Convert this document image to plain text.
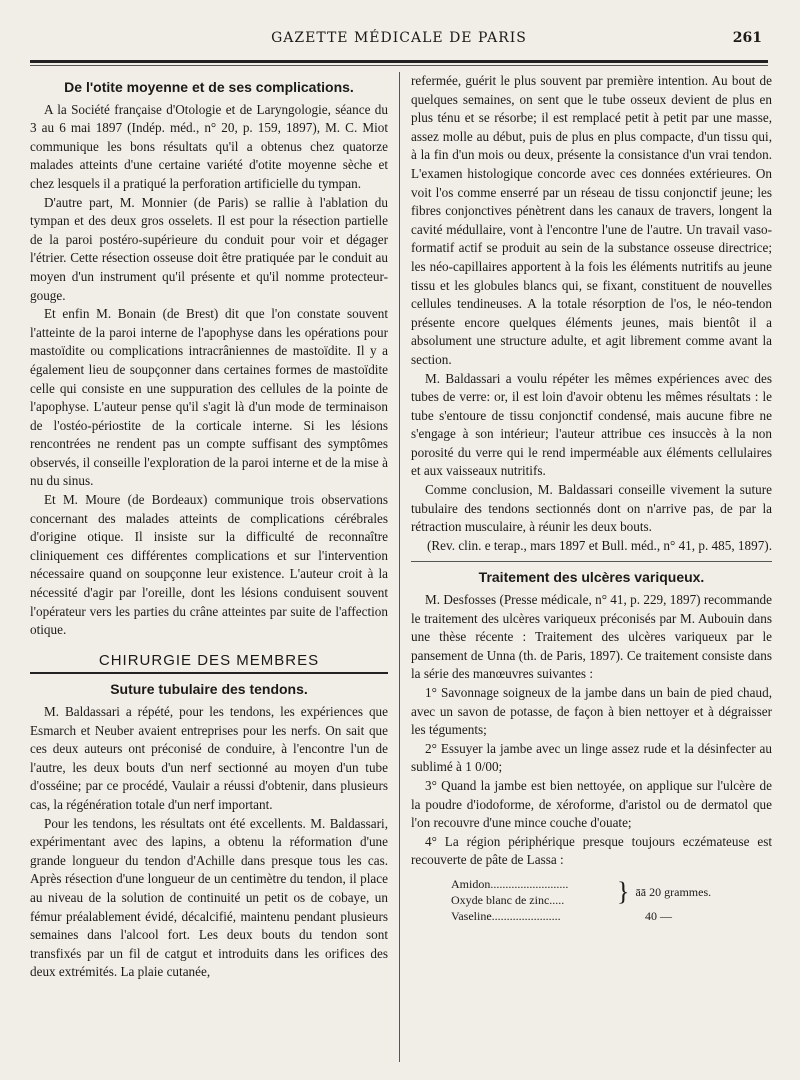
GAZETTE MÉDICALE DE PARIS	261
De l'otite moyenne et de ses complications.

A la Société française d'Otologie et de Laryngologie, séance du 3 au 6 mai 1897 (Indép. méd., n° 20, p. 159, 1897), M. C. Miot communique les bons résultats qu'il a obtenus chez quatorze malades atteints d'une certaine variété d'otite moyenne sèche et chez lesquels il a pratiqué la perforation artificielle du tympan.

D'autre part, M. Monnier (de Paris) se rallie à l'ablation du tympan et des deux gros osselets. Il est pour la résection partielle de la paroi postéro-supérieure du conduit pour voir et dégager l'étrier. Cette résection osseuse doit être pratiquée par le conduit au moyen d'un instrument qu'il présente et qu'il nomme protecteur-gouge.

Et enfin M. Bonain (de Brest) dit que l'on constate souvent l'atteinte de la paroi interne de l'apophyse dans les opérations pour mastoïdite ou complications intracrâniennes de mastoïdite. Il y a également lieu de soupçonner dans certaines formes de mastoïdite celle qui consiste en une suppuration des cellules de la pointe de l'apophyse. L'auteur pense qu'il s'agit là d'un mode de terminaison de l'ostéo-périostite de la corticale interne. Si les lésions rencontrées ne rendent pas un compte suffisant des symptômes observés, il conseille l'exploration de la paroi interne et de la mise à nu du sinus.

Et M. Moure (de Bordeaux) communique trois observations concernant des malades atteints de complications cérébrales d'origine otique. Il insiste sur la difficulté de reconnaître cliniquement ces différentes complications et sur l'intervention nécessaire quand on soupçonne leur existence. L'auteur croit à la nécessité d'agir par l'oreille, dont les lésions conduisent souvent l'opérateur vers les parties du crâne atteintes par suite de l'affection otique.

CHIRURGIE DES MEMBRES
Suture tubulaire des tendons.

M. Baldassari a répété, pour les tendons, les expériences que Esmarch et Neuber avaient entreprises pour les nerfs. On sait que ces deux auteurs ont préconisé de conduire, à l'encontre l'un de l'autre, les deux bouts d'un nerf sectionné au moyen d'un tube d'osséine; par ce procédé, Vaulair a réussi d'obtenir, dans plusieurs cas, la régénération totale d'un nerf important.

Pour les tendons, les résultats ont été excellents. M. Baldassari, expérimentant avec des lapins, a obtenu la réformation d'une grande longueur du tendon d'Achille dans presque tous les cas. Après résection d'une longueur de un centimètre du tendon, il place au niveau de la solution de continuité un petit os de cobaye, un fémur préalablement évidé, décalcifié, maintenu pendant plusieurs semaines dans l'alcool fort. Les deux bouts du tendon sont transfixés par un fil de catgut et introduits dans les orifices des deux extrémités. La plaie cutanée,

refermée, guérit le plus souvent par première intention. Au bout de quelques semaines, on sent que le tube osseux devient de plus en plus ténu et se résorbe; il est remplacé petit à petit par une masse, assez molle au début, puis de plus en plus compacte, d'un tissu qui, à la fin d'un mois ou deux, présente la consistance d'un vrai tendon. L'examen histologique concorde avec ces données extérieures. On voit l'os comme enserré par un réseau de tissu conjonctif jeune; les fibres conjonctives pénètrent dans les canaux de travers, longent la cavité médullaire, vont à l'encontre l'une de l'autre. Un travail vaso-formatif actif se produit au sein de la substance osseuse directrice; les néo-capillaires apportent à la fois les éléments nutritifs au jeune tissu et les globules blancs qui, se fixant, constituent de nouvelles cellules tendineuses. A la totale résorption de l'os, le néo-tendon présente encore quelques éléments jeunes, mais bientôt il a absolument une structure adulte, et agit librement comme avant la section.

M. Baldassari a voulu répéter les mêmes expériences avec des tubes de verre: or, il est loin d'avoir obtenu les mêmes résultats : le tube s'entoure de tissu conjonctif condensé, mais aucune fibre ne s'engage à son intérieur; l'auteur attribue ces insuccès à la non porosité du verre qui le rend imperméable aux éléments cellulaires et aux vaisseaux nutritifs.

Comme conclusion, M. Baldassari conseille vivement la suture tubulaire des tendons sectionnés dont on n'arrive pas, de par la rétraction musculaire, à réunir les deux bouts.

(Rev. clin. e terap., mars 1897 et Bull. méd., n° 41, p. 485, 1897).

Traitement des ulcères variqueux.

M. Desfosses (Presse médicale, n° 41, p. 229, 1897) recommande le traitement des ulcères variqueux préconisés par M. Aubouin dans une thèse récente : Traitement des ulcères variqueux par le pansement de Unna (th. de Paris, 1897). Ce traitement consiste dans la série des manœuvres suivantes :

1° Savonnage soigneux de la jambe dans un bain de pied chaud, avec un savon de potasse, de façon à bien nettoyer et à dégraisser les téguments;

2° Essuyer la jambe avec un linge assez rude et la désinfecter au sublimé à 1 0/00;

3° Quand la jambe est bien nettoyée, on applique sur l'ulcère de la poudre d'iodoforme, de xéroforme, d'aristol ou de dermatol que l'on recouvre d'une mince couche d'ouate;

4° La région périphérique presque toujours eczémateuse est recouverte de pâte de Lassa :

Amidon..........................
Oxyde blanc de zinc.....	} āā 20 grammes.
Vaseline.......................	40 —
